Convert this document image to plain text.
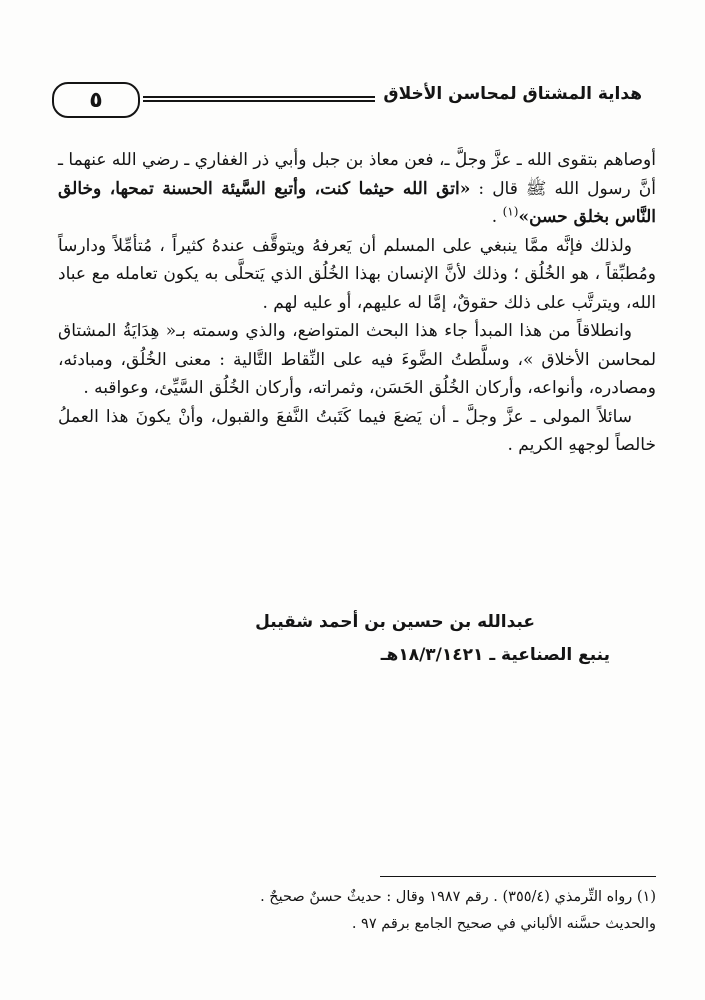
هداية المشتاق لمحاسن الأخلاق
٥

أوصاهم بتقوى الله ـ عزَّ وجلَّ ـ، فعن معاذ بن جبل وأبي ذر الغفاري ـ رضي الله عنهما ـ أنَّ رسول الله ﷺ قال : «اتق الله حيثما كنت، وأتبع السَّيئة الحسنة تمحها، وخالق النَّاس بخلق حسن»$^{(١)}$ .

ولذلك فإنَّه ممَّا ينبغي على المسلم أن يَعرفهُ ويتوقَّف عندهُ كثيراً ، مُتأمِّلاً ودارساً ومُطبِّقاً ، هو الخُلُق ؛ وذلك لأنَّ الإنسان بهذا الخُلُق الذي يَتحلَّى به يكون تعامله مع عباد الله، ويترتَّب على ذلك حقوقٌ، إمَّا له عليهم، أو عليه لهم .

وانطلاقاً من هذا المبدأ جاء هذا البحث المتواضع، والذي وسمته بـ« هِدَايَةُ المشتاق لمحاسن الأخلاق »، وسلَّطتُ الضَّوءَ فيه على النِّقاط التَّالية : معنى الخُلُق، ومبادئه، ومصادره، وأنواعه، وأركان الخُلُق الحَسَن، وثمراته، وأركان الخُلُق السَّيِّئ، وعواقبه .

سائلاً المولى ـ عزَّ وجلَّ ـ أن يَضعَ فيما كَتَبتُ النَّفعَ والقبول، وأنْ يكونَ هذا العملُ خالصاً لوجههِ الكريم .

عبدالله بن حسين بن أحمد شقيبل
ينبع الصناعية ـ ١٨/٣/١٤٢١هـ

(١) رواه التِّرمذي (٣٥٥/٤) . رقم ١٩٨٧ وقال : حديثٌ حسنٌ صحيحٌ .

والحديث حسَّنه الألباني في صحيح الجامع برقم ٩٧ .
